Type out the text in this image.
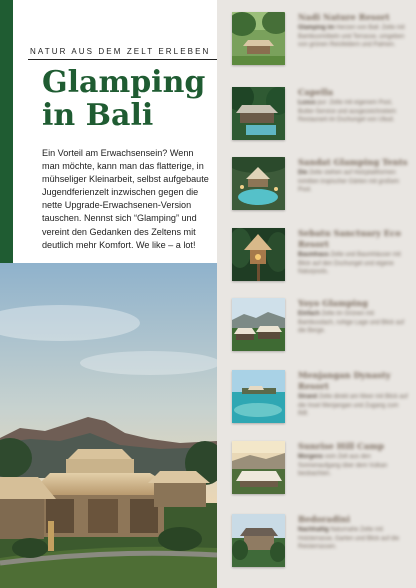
NATUR AUS DEM ZELT ERLEBEN
Glamping
in Bali
Ein Vorteil am Erwachsensein? Wenn man möchte, kann man das flatterige, in mühseliger Kleinarbeit, selbst aufgebaute Jugendferienzelt inzwischen gegen die nette Upgrade-Erwachsenen-Version tauschen. Nennst sich “Glamping” und vereint den Gedanken des Zeltens mit deutlich mehr Komfort. We like – a lot!
Nadi Nature Resort
Glamping im Herzen von Bali: Zelte mit Bambusmöbeln und Terrasse, umgeben von grünen Reisfeldern und Palmen.
Capella
Luxus pur: Zelte mit eigenem Pool, Butler-Service und ausgezeichnetem Restaurant im Dschungel von Ubud.
Sandat Glamping Tents
Die Zelte stehen auf Holzplattformen inmitten tropischer Gärten mit großem Pool.
Sebatu Sanctuary Eco Resort
Baumhaus Zelte und Baumhäuser mit Blick auf den Dschungel und eigene Naturpools.
Yoyo Glamping
Einfach Zelte im Grünen mit Bambusdach, ruhige Lage und Blick auf die Berge.
Menjangan Dynasty Resort
Strand Zelte direkt am Meer mit Blick auf die Insel Menjangan und Zugang zum Riff.
Sunrise Hill Camp
Morgens vom Zelt aus den Sonnenaufgang über dem Vulkan beobachten.
Bedoradini
Nachhaltig Naturnahe Zelte mit Holzterrasse, Garten und Blick auf die Reisterrassen.
